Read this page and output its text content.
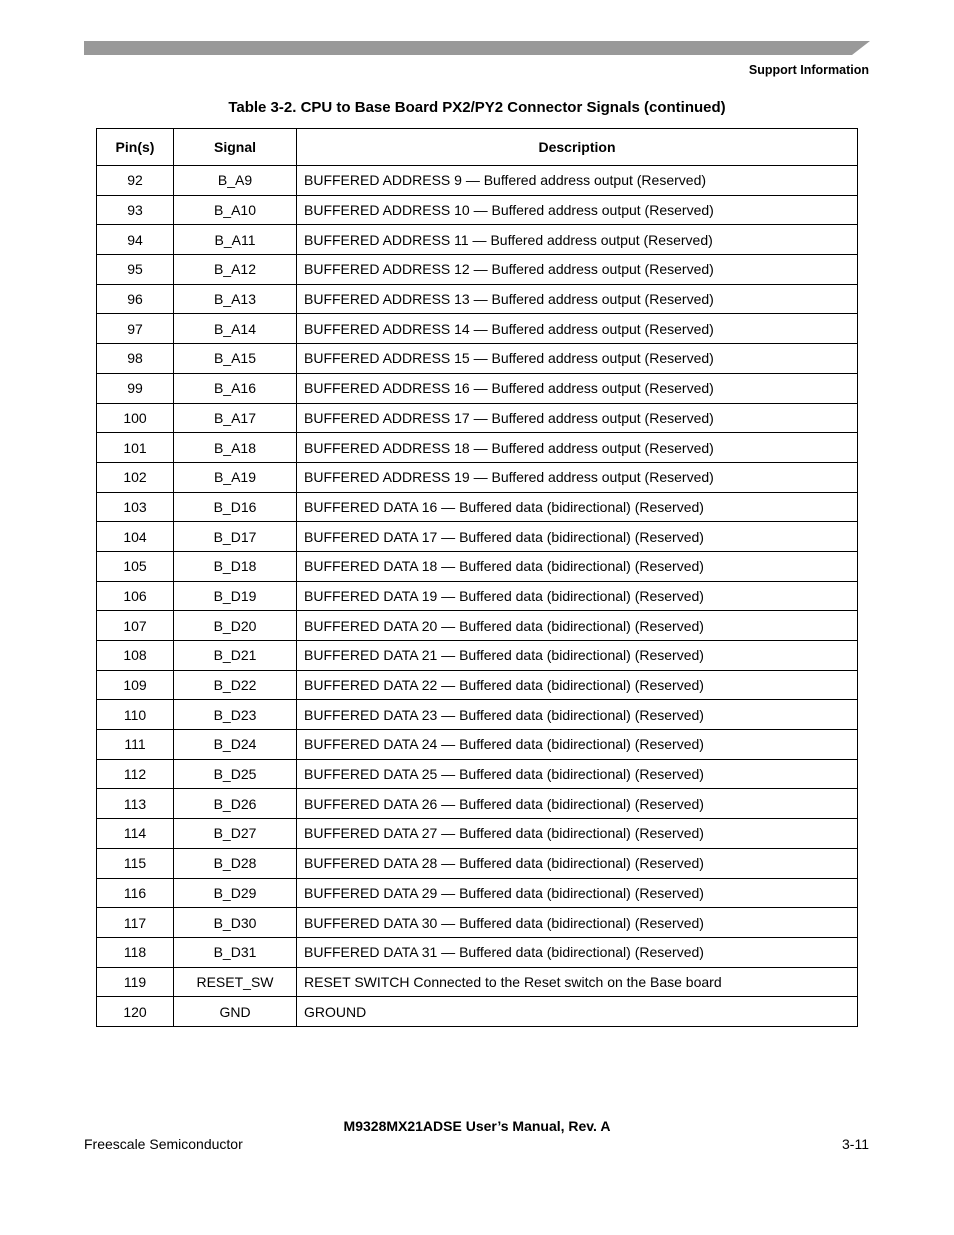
Support Information
Table 3-2. CPU to Base Board PX2/PY2 Connector Signals (continued)
Pin(s)	Signal	Description
92	B_A9	BUFFERED ADDRESS 9 — Buffered address output (Reserved)
93	B_A10	BUFFERED ADDRESS 10 — Buffered address output (Reserved)
94	B_A11	BUFFERED ADDRESS 11 — Buffered address output (Reserved)
95	B_A12	BUFFERED ADDRESS 12 — Buffered address output (Reserved)
96	B_A13	BUFFERED ADDRESS 13 — Buffered address output (Reserved)
97	B_A14	BUFFERED ADDRESS 14 — Buffered address output (Reserved)
98	B_A15	BUFFERED ADDRESS 15 — Buffered address output (Reserved)
99	B_A16	BUFFERED ADDRESS 16 — Buffered address output (Reserved)
100	B_A17	BUFFERED ADDRESS 17 — Buffered address output (Reserved)
101	B_A18	BUFFERED ADDRESS 18 — Buffered address output (Reserved)
102	B_A19	BUFFERED ADDRESS 19 — Buffered address output (Reserved)
103	B_D16	BUFFERED DATA 16 — Buffered data (bidirectional) (Reserved)
104	B_D17	BUFFERED DATA 17 — Buffered data (bidirectional) (Reserved)
105	B_D18	BUFFERED DATA 18 — Buffered data (bidirectional) (Reserved)
106	B_D19	BUFFERED DATA 19 — Buffered data (bidirectional) (Reserved)
107	B_D20	BUFFERED DATA 20 — Buffered data (bidirectional) (Reserved)
108	B_D21	BUFFERED DATA 21 — Buffered data (bidirectional) (Reserved)
109	B_D22	BUFFERED DATA 22 — Buffered data (bidirectional) (Reserved)
110	B_D23	BUFFERED DATA 23 — Buffered data (bidirectional) (Reserved)
111	B_D24	BUFFERED DATA 24 — Buffered data (bidirectional) (Reserved)
112	B_D25	BUFFERED DATA 25 — Buffered data (bidirectional) (Reserved)
113	B_D26	BUFFERED DATA 26 — Buffered data (bidirectional) (Reserved)
114	B_D27	BUFFERED DATA 27 — Buffered data (bidirectional) (Reserved)
115	B_D28	BUFFERED DATA 28 — Buffered data (bidirectional) (Reserved)
116	B_D29	BUFFERED DATA 29 — Buffered data (bidirectional) (Reserved)
117	B_D30	BUFFERED DATA 30 — Buffered data (bidirectional) (Reserved)
118	B_D31	BUFFERED DATA 31 — Buffered data (bidirectional) (Reserved)
119	RESET_SW	RESET SWITCH Connected to the Reset switch on the Base board
120	GND	GROUND
M9328MX21ADSE User’s Manual, Rev. A
Freescale Semiconductor	3-11
